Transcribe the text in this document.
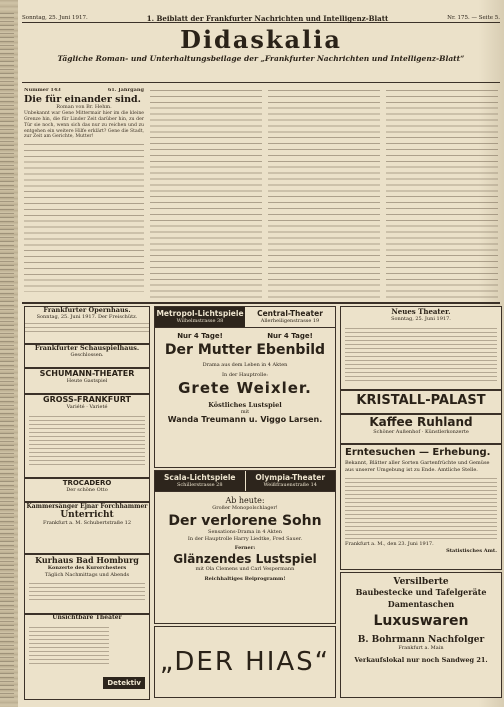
Sonntag, 25. Juni 1917.	1. Beiblatt der Frankfurter Nachrichten und Intelligenz-Blatt	Nr. 175. — Seite 5.
Didaskalia
Tägliche Roman- und Unterhaltungsbeilage der „Frankfurter Nachrichten und Intelligenz-Blatt“
Nummer 143	61. Jahrgang
Die für einander sind.
Roman von Br. Hehm.
Unbekannt war Gene Mittermair hier im die kleine Grenze hin, die für Linder Zeit darüber hin, zu der Tür sie noch, wenn sich das nur zu reichen und zu entgehen ein weitere Hilfe erklärt? Gene die Stadt, zur Zeit am Gerichte, Mutter!
Frankfurter Opernhaus.
Sonntag, 25. Juni 1917. Der Freischütz.
Frankfurter Schauspielhaus.
Geschlossen.
SCHUMANN-THEATER
Heute Gastspiel
GROSS-FRANKFURT
Variété · Varieté
TROCADERO
Der schöne Otto
Kammersänger Ejnar Forchhammer
Unterricht
Frankfurt a. M. Schubertstraße 12
Kurhaus Bad Homburg
Konzerte des Kurorchesters
Täglich Nachmittags und Abends
Unsichtbare Theater
Detektiv
Metropol-Lichtspiele
Wilhelmstrasse 38
Central-Theater
Allerheiligenstrasse 19
Nur 4 Tage!	Nur 4 Tage!
Der Mutter Ebenbild
Drama aus dem Leben in 4 Akten
In der Hauptrolle:
Grete Weixler.
Köstliches Lustspiel
mit
Wanda Treumann u. Viggo Larsen.
Scala-Lichtspiele
Schillerstrasse 28
Olympia-Theater
Weißfrauenstraße 14
Ab heute:
Großer Monopolschlager!
Der verlorene Sohn
Sensations-Drama in 4 Akten
In der Hauptrolle Harry Liedtke, Fred Sauer.
Ferner:
Glänzendes Lustspiel
mit Ola Clemens und Carl Vespermann
Reichhaltiges Beiprogramm!
„DER HIAS“
Neues Theater.
Sonntag, 25. Juni 1917.
KRISTALL-PALAST
Kaffee Ruhland
Schöner Außenhof · Künstlerkonzerte
Erntesuchen — Erhebung.
Bekannt, Blätter aller Sorten Gartenfrüchte und Gemüse aus unserer Umgebung ist zu Ende. Amtliche Stelle.
Frankfurt a. M., den 23. Juni 1917.
Statistisches Amt.
Versilberte
Baubestecke und Tafelgeräte
Damentaschen
Luxuswaren
B. Bohrmann Nachfolger
Frankfurt a. Main
Verkaufslokal nur noch Sandweg 21.
